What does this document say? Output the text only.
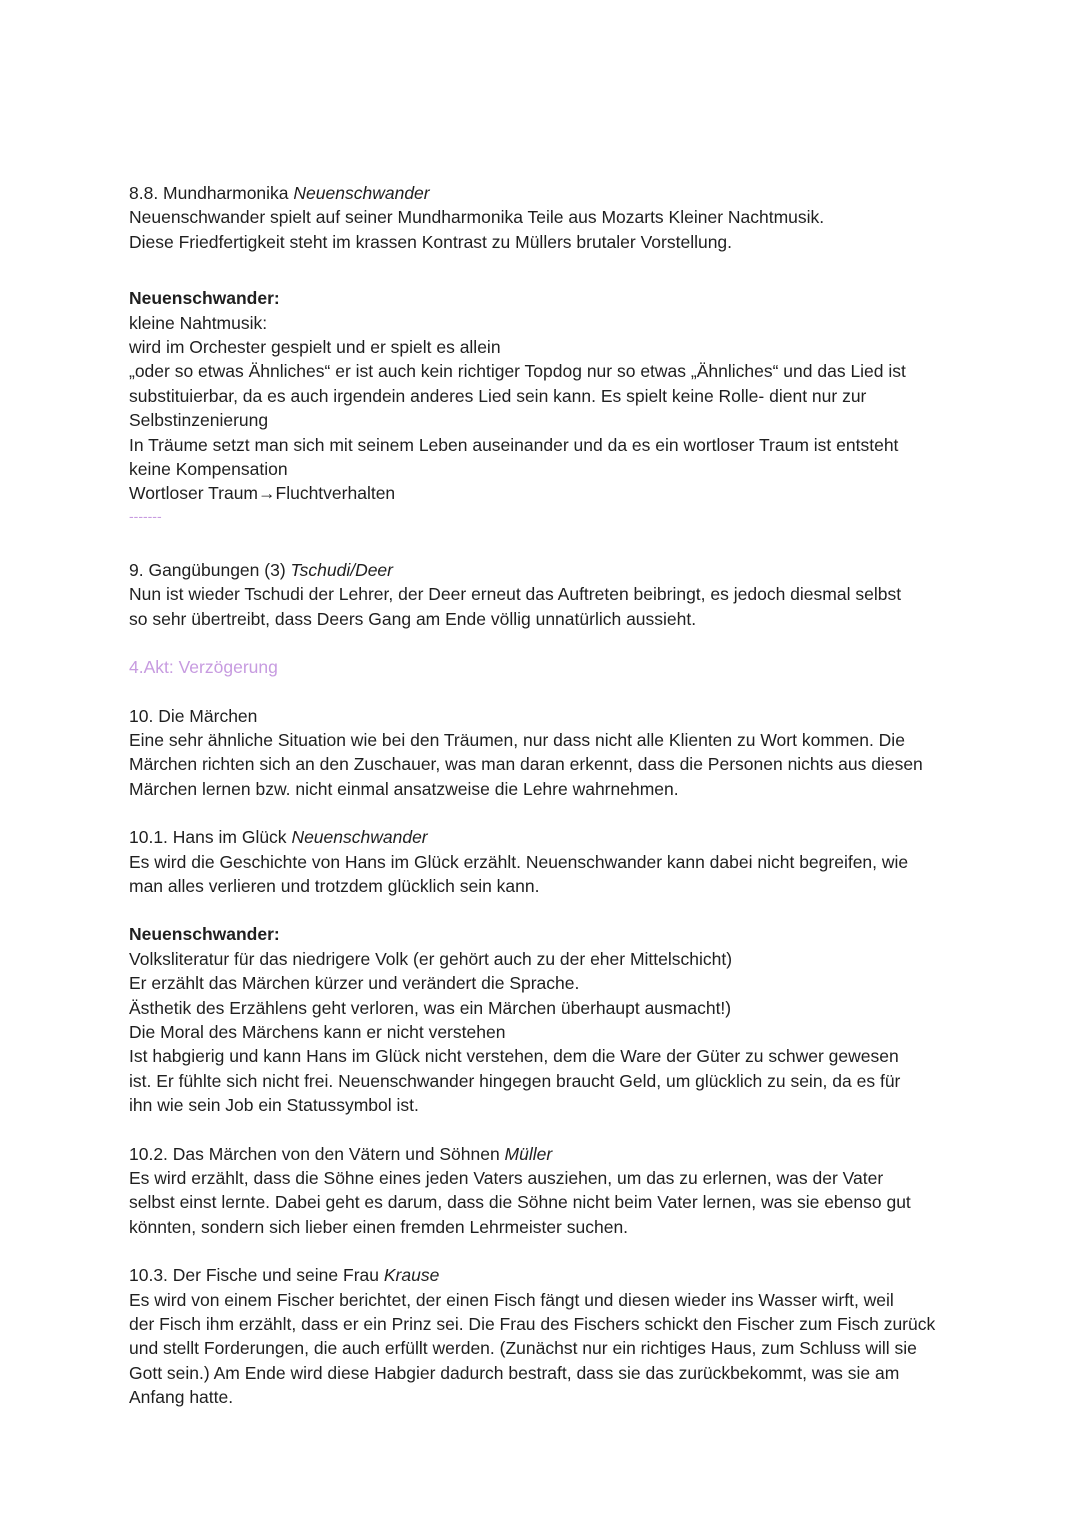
8.8. Mundharmonika Neuenschwander
Neuenschwander spielt auf seiner Mundharmonika Teile aus Mozarts Kleiner Nachtmusik.
Diese Friedfertigkeit steht im krassen Kontrast zu Müllers brutaler Vorstellung.
Neuenschwander:
kleine Nahtmusik:
wird im Orchester gespielt und er spielt es allein
„oder so etwas Ähnliches“ er ist auch kein richtiger Topdog nur so etwas „Ähnliches“ und das Lied ist
substituierbar, da es auch irgendein anderes Lied sein kann. Es spielt keine Rolle- dient nur zur
Selbstinzenierung
In Träume setzt man sich mit seinem Leben auseinander und da es ein wortloser Traum ist entsteht
keine Kompensation
Wortloser Traum→Fluchtverhalten
-------
9. Gangübungen (3) Tschudi/Deer
Nun ist wieder Tschudi der Lehrer, der Deer erneut das Auftreten beibringt, es jedoch diesmal selbst
so sehr übertreibt, dass Deers Gang am Ende völlig unnatürlich aussieht.
4.Akt: Verzögerung
10. Die Märchen
Eine sehr ähnliche Situation wie bei den Träumen, nur dass nicht alle Klienten zu Wort kommen. Die
Märchen richten sich an den Zuschauer, was man daran erkennt, dass die Personen nichts aus diesen
Märchen lernen bzw. nicht einmal ansatzweise die Lehre wahrnehmen.
10.1. Hans im Glück Neuenschwander
Es wird die Geschichte von Hans im Glück erzählt. Neuenschwander kann dabei nicht begreifen, wie
man alles verlieren und trotzdem glücklich sein kann.
Neuenschwander:
Volksliteratur für das niedrigere Volk (er gehört auch zu der eher Mittelschicht)
Er erzählt das Märchen kürzer und verändert die Sprache.
Ästhetik des Erzählens geht verloren, was ein Märchen überhaupt ausmacht!)
Die Moral des Märchens kann er nicht verstehen
Ist habgierig und kann Hans im Glück nicht verstehen, dem die Ware der Güter zu schwer gewesen
ist. Er fühlte sich nicht frei. Neuenschwander hingegen braucht Geld, um glücklich zu sein, da es für
ihn wie sein Job ein Statussymbol ist.
10.2. Das Märchen von den Vätern und Söhnen Müller
Es wird erzählt, dass die Söhne eines jeden Vaters ausziehen, um das zu erlernen, was der Vater
selbst einst lernte. Dabei geht es darum, dass die Söhne nicht beim Vater lernen, was sie ebenso gut
könnten, sondern sich lieber einen fremden Lehrmeister suchen.
10.3. Der Fische und seine Frau Krause
Es wird von einem Fischer berichtet, der einen Fisch fängt und diesen wieder ins Wasser wirft, weil
der Fisch ihm erzählt, dass er ein Prinz sei. Die Frau des Fischers schickt den Fischer zum Fisch zurück
und stellt Forderungen, die auch erfüllt werden. (Zunächst nur ein richtiges Haus, zum Schluss will sie
Gott sein.) Am Ende wird diese Habgier dadurch bestraft, dass sie das zurückbekommt, was sie am
Anfang hatte.
